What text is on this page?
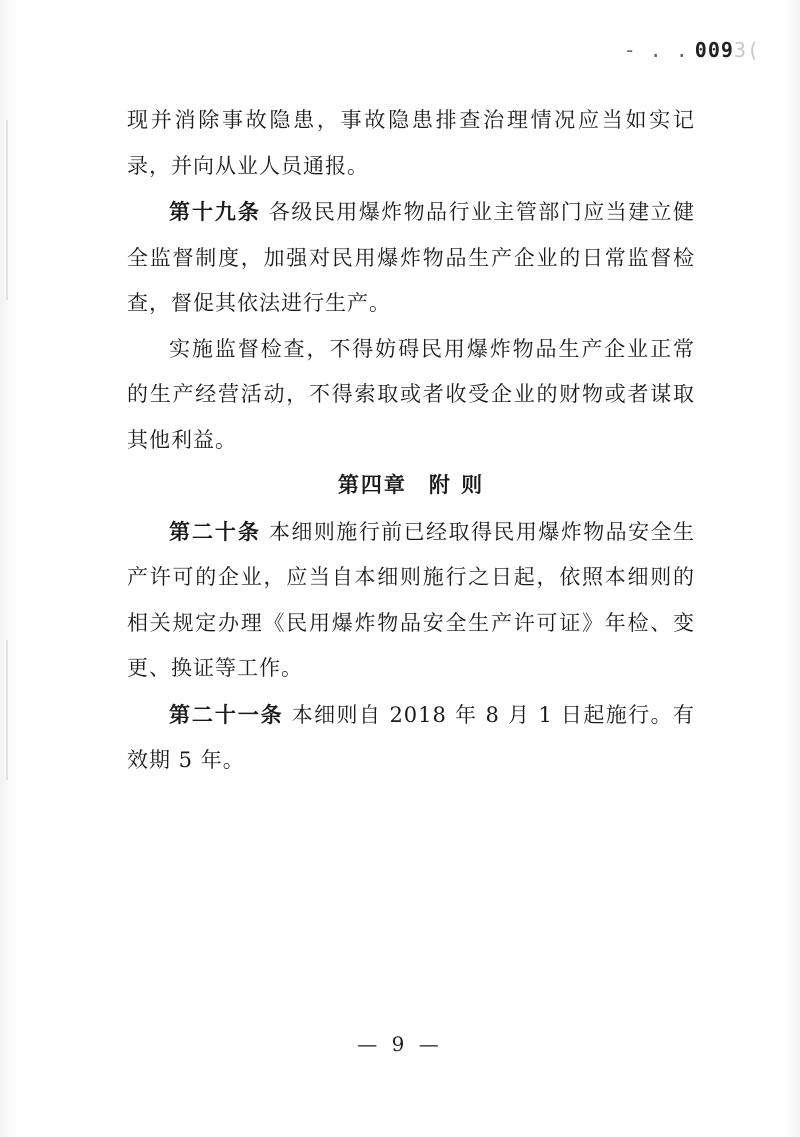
- . . 0093(

现并消除事故隐患，事故隐患排查治理情况应当如实记录，并向从业人员通报。

第十九条 各级民用爆炸物品行业主管部门应当建立健全监督制度，加强对民用爆炸物品生产企业的日常监督检查，督促其依法进行生产。

实施监督检查，不得妨碍民用爆炸物品生产企业正常的生产经营活动，不得索取或者收受企业的财物或者谋取其他利益。

第四章 附 则

第二十条 本细则施行前已经取得民用爆炸物品安全生产许可的企业，应当自本细则施行之日起，依照本细则的相关规定办理《民用爆炸物品安全生产许可证》年检、变更、换证等工作。

第二十一条 本细则自 2018 年 8 月 1 日起施行。有效期 5 年。

— 9 —
